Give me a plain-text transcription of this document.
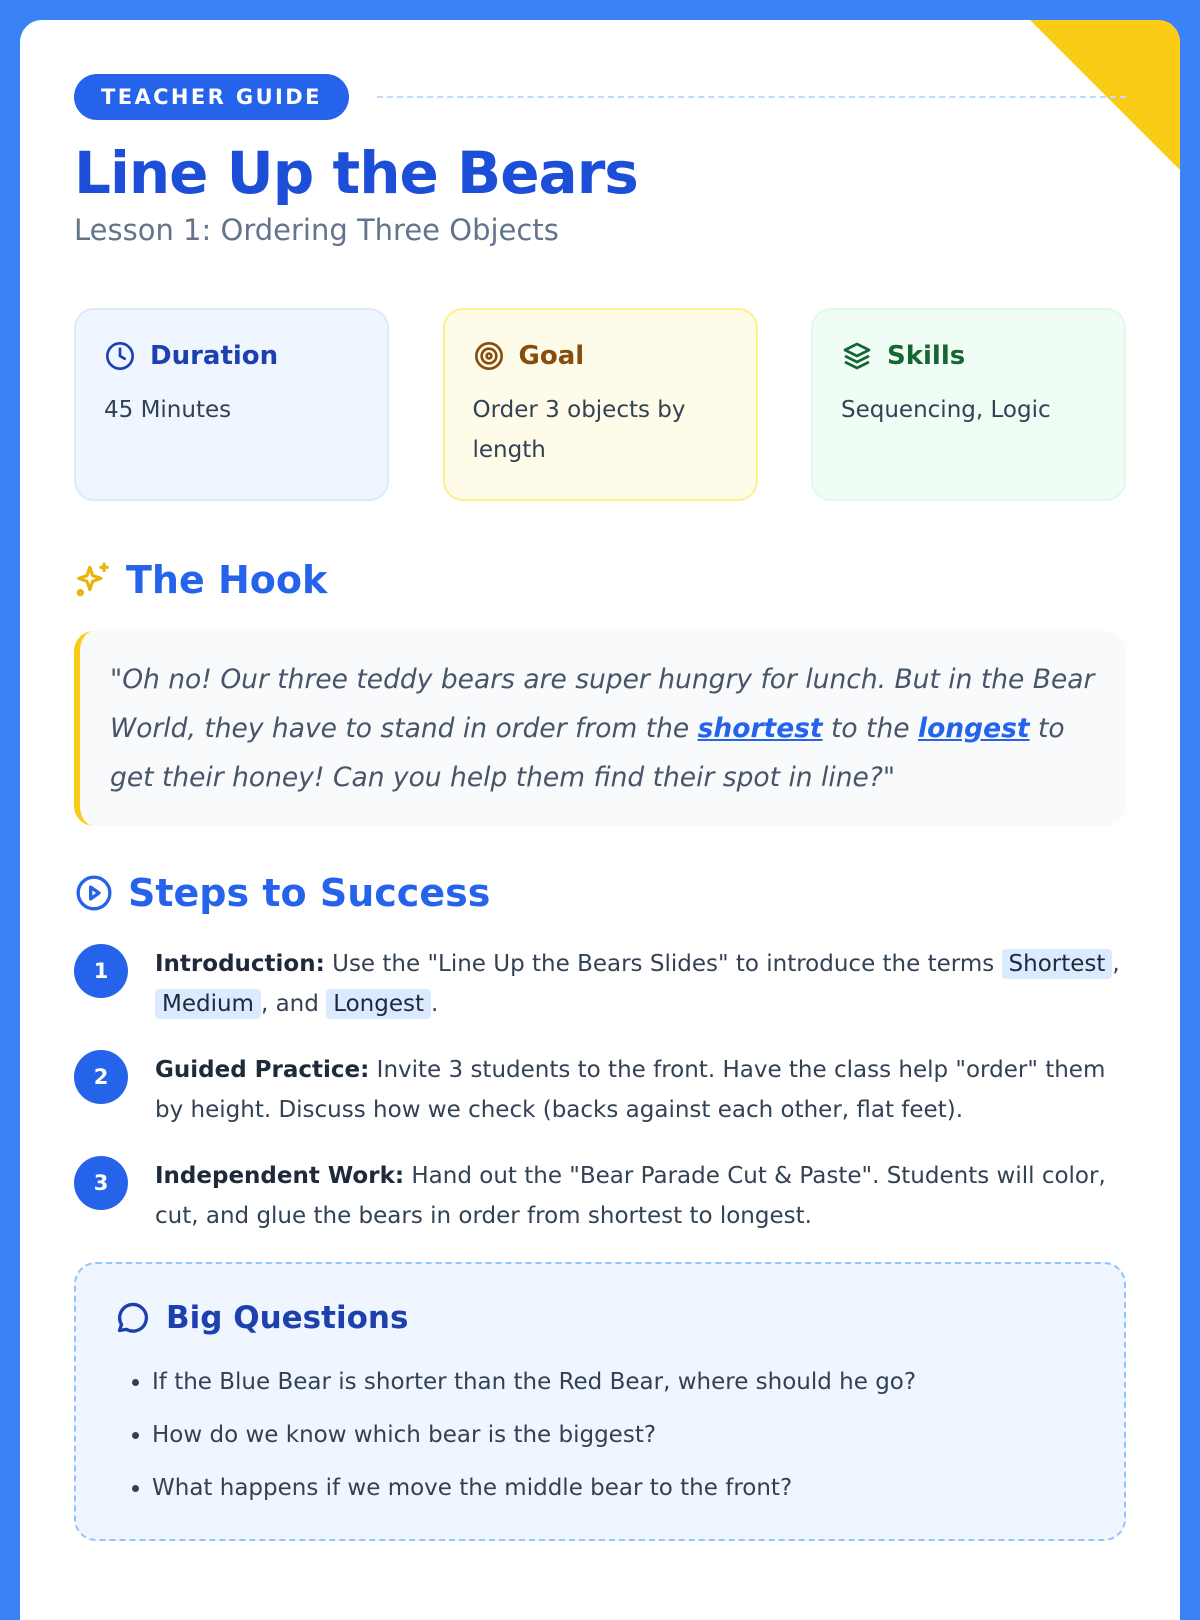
TEACHER GUIDE
Line Up the Bears
Lesson 1: Ordering Three Objects
Duration
45 Minutes
Goal
Order 3 objects by length
Skills
Sequencing, Logic
The Hook
"Oh no! Our three teddy bears are super hungry for lunch. But in the Bear World, they have to stand in order from the shortest to the longest to get their honey! Can you help them find their spot in line?"
Steps to Success
1	Introduction: Use the "Line Up the Bears Slides" to introduce the terms Shortest , Medium , and Longest .
2	Guided Practice: Invite 3 students to the front. Have the class help "order" them by height. Discuss how we check (backs against each other, flat feet).
3	Independent Work: Hand out the "Bear Parade Cut & Paste". Students will color, cut, and glue the bears in order from shortest to longest.
Big Questions
• If the Blue Bear is shorter than the Red Bear, where should he go?
• How do we know which bear is the biggest?
• What happens if we move the middle bear to the front?
